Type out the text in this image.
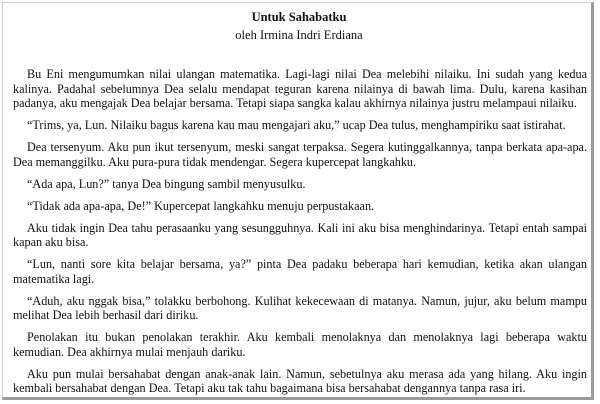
Untuk Sahabatku
oleh Irmina Indri Erdiana

Bu Eni mengumumkan nilai ulangan matematika. Lagi-lagi nilai Dea melebihi nilaiku. Ini sudah yang kedua kalinya. Padahal sebelumnya Dea selalu mendapat teguran karena nilainya di bawah lima. Dulu, karena kasihan padanya, aku mengajak Dea belajar bersama. Tetapi siapa sangka kalau akhirnya nilainya justru melampaui nilaiku.

“Trims, ya, Lun. Nilaiku bagus karena kau mau mengajari aku,” ucap Dea tulus, menghampiriku saat istirahat.

Dea tersenyum. Aku pun ikut tersenyum, meski sangat terpaksa. Segera kutinggalkannya, tanpa berkata apa-apa. Dea memanggilku. Aku pura-pura tidak mendengar. Segera kupercepat langkahku.

“Ada apa, Lun?” tanya Dea bingung sambil menyusulku.

“Tidak ada apa-apa, De!” Kupercepat langkahku menuju perpustakaan.

Aku tidak ingin Dea tahu perasaanku yang sesungguhnya. Kali ini aku bisa menghindarinya. Tetapi entah sampai kapan aku bisa.

“Lun, nanti sore kita belajar bersama, ya?” pinta Dea padaku beberapa hari kemudian, ketika akan ulangan matematika lagi.

“Aduh, aku nggak bisa,” tolakku berbohong. Kulihat kekecewaan di matanya. Namun, jujur, aku belum mampu melihat Dea lebih berhasil dari diriku.

Penolakan itu bukan penolakan terakhir. Aku kembali menolaknya dan menolaknya lagi beberapa waktu kemudian. Dea akhirnya mulai menjauh dariku.

Aku pun mulai bersahabat dengan anak-anak lain. Namun, sebetulnya aku merasa ada yang hilang. Aku ingin kembali bersahabat dengan Dea. Tetapi aku tak tahu bagaimana bisa bersahabat dengannya tanpa rasa iri.
